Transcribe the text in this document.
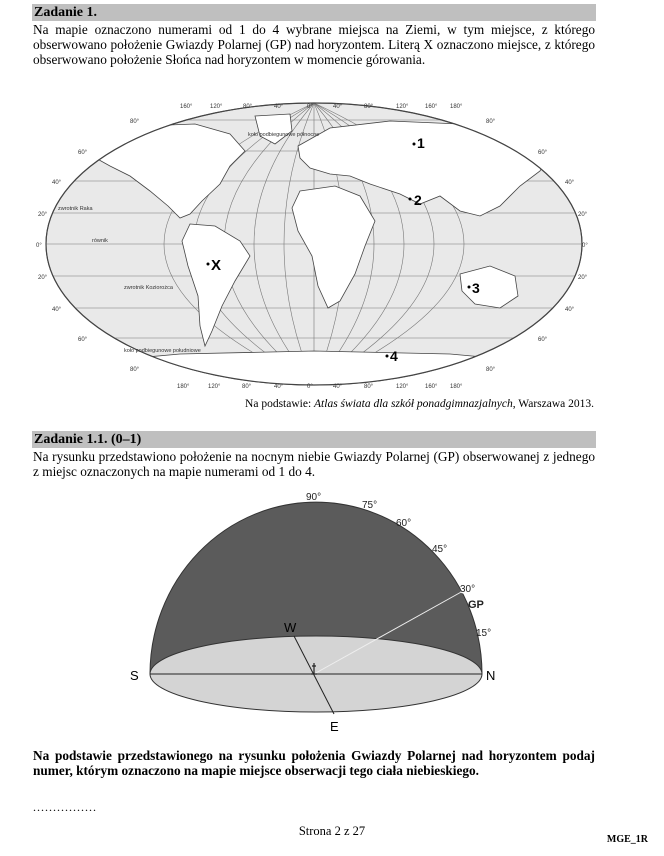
Zadanie 1.
Na mapie oznaczono numerami od 1 do 4 wybrane miejsca na Ziemi, w tym miejsce, z którego obserwowano położenie Gwiazdy Polarnej (GP) nad horyzontem. Literą X oznaczono miejsce, z którego obserwowano położenie Słońca nad horyzontem w momencie górowania.
160°	120°	80°	40°	0°	40°	80°	120°	160° 180°
180°	120°	80°	40°	0°	40°	80°	120°	160° 180°
80°
60°
40°
20°
0°
20°
40°
60°
80°
80°
60°
40°
20°
0°
20°
40°
60°
80°
koło podbiegunowe północne
zwrotnik Raka
równik
zwrotnik Koziorożca
koło podbiegunowe południowe
1
2
3
4
X
Na podstawie: Atlas świata dla szkół ponadgimnazjalnych, Warszawa 2013.
Zadanie 1.1. (0–1)
Na rysunku przedstawiono położenie na nocnym niebie Gwiazdy Polarnej (GP) obserwowanej z jednego z miejsc oznaczonych na mapie numerami od 1 do 4.
90°
75°
60°
45°
30°
15°
GP
S	N
W
E
Na podstawie przedstawionego na rysunku położenia Gwiazdy Polarnej nad horyzontem podaj numer, którym oznaczono na mapie miejsce obserwacji tego ciała niebieskiego.
................
Strona 2 z 27
MGE_1R
